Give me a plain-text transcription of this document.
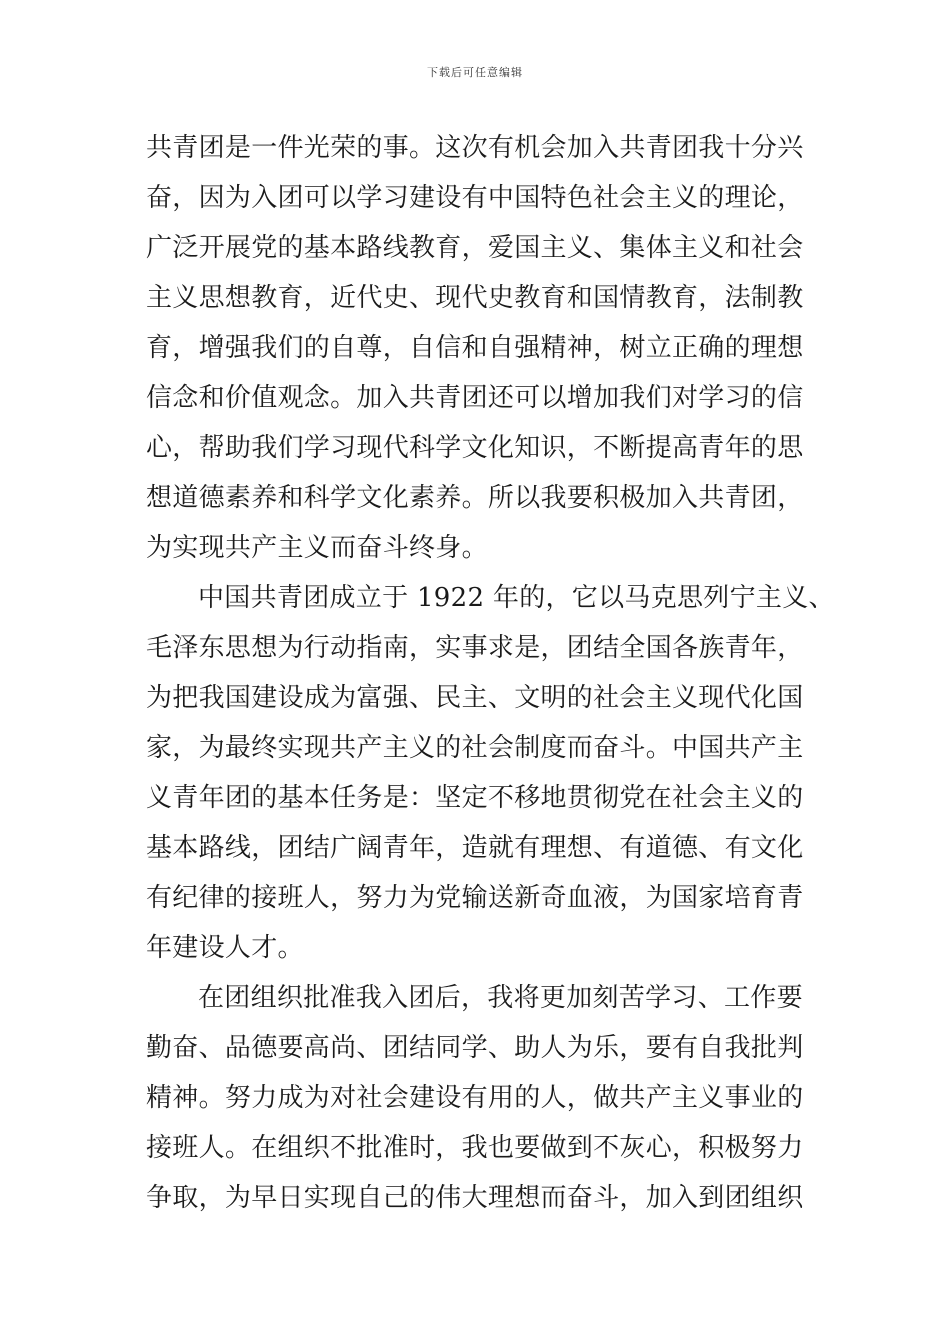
下载后可任意编辑
共青团是一件光荣的事。这次有机会加入共青团我十分兴
奋，因为入团可以学习建设有中国特色社会主义的理论，
广泛开展党的基本路线教育，爱国主义、集体主义和社会
主义思想教育，近代史、现代史教育和国情教育，法制教
育，增强我们的自尊，自信和自强精神，树立正确的理想
信念和价值观念。加入共青团还可以增加我们对学习的信
心，帮助我们学习现代科学文化知识，不断提高青年的思
想道德素养和科学文化素养。所以我要积极加入共青团，
为实现共产主义而奋斗终身。
中国共青团成立于 1922 年的，它以马克思列宁主义、
毛泽东思想为行动指南，实事求是，团结全国各族青年，
为把我国建设成为富强、民主、文明的社会主义现代化国
家，为最终实现共产主义的社会制度而奋斗。中国共产主
义青年团的基本任务是：坚定不移地贯彻党在社会主义的
基本路线，团结广阔青年，造就有理想、有道德、有文化
有纪律的接班人，努力为党输送新奇血液，为国家培育青
年建设人才。
在团组织批准我入团后，我将更加刻苦学习、工作要
勤奋、品德要高尚、团结同学、助人为乐，要有自我批判
精神。努力成为对社会建设有用的人，做共产主义事业的
接班人。在组织不批准时，我也要做到不灰心，积极努力
争取，为早日实现自己的伟大理想而奋斗，加入到团组织
